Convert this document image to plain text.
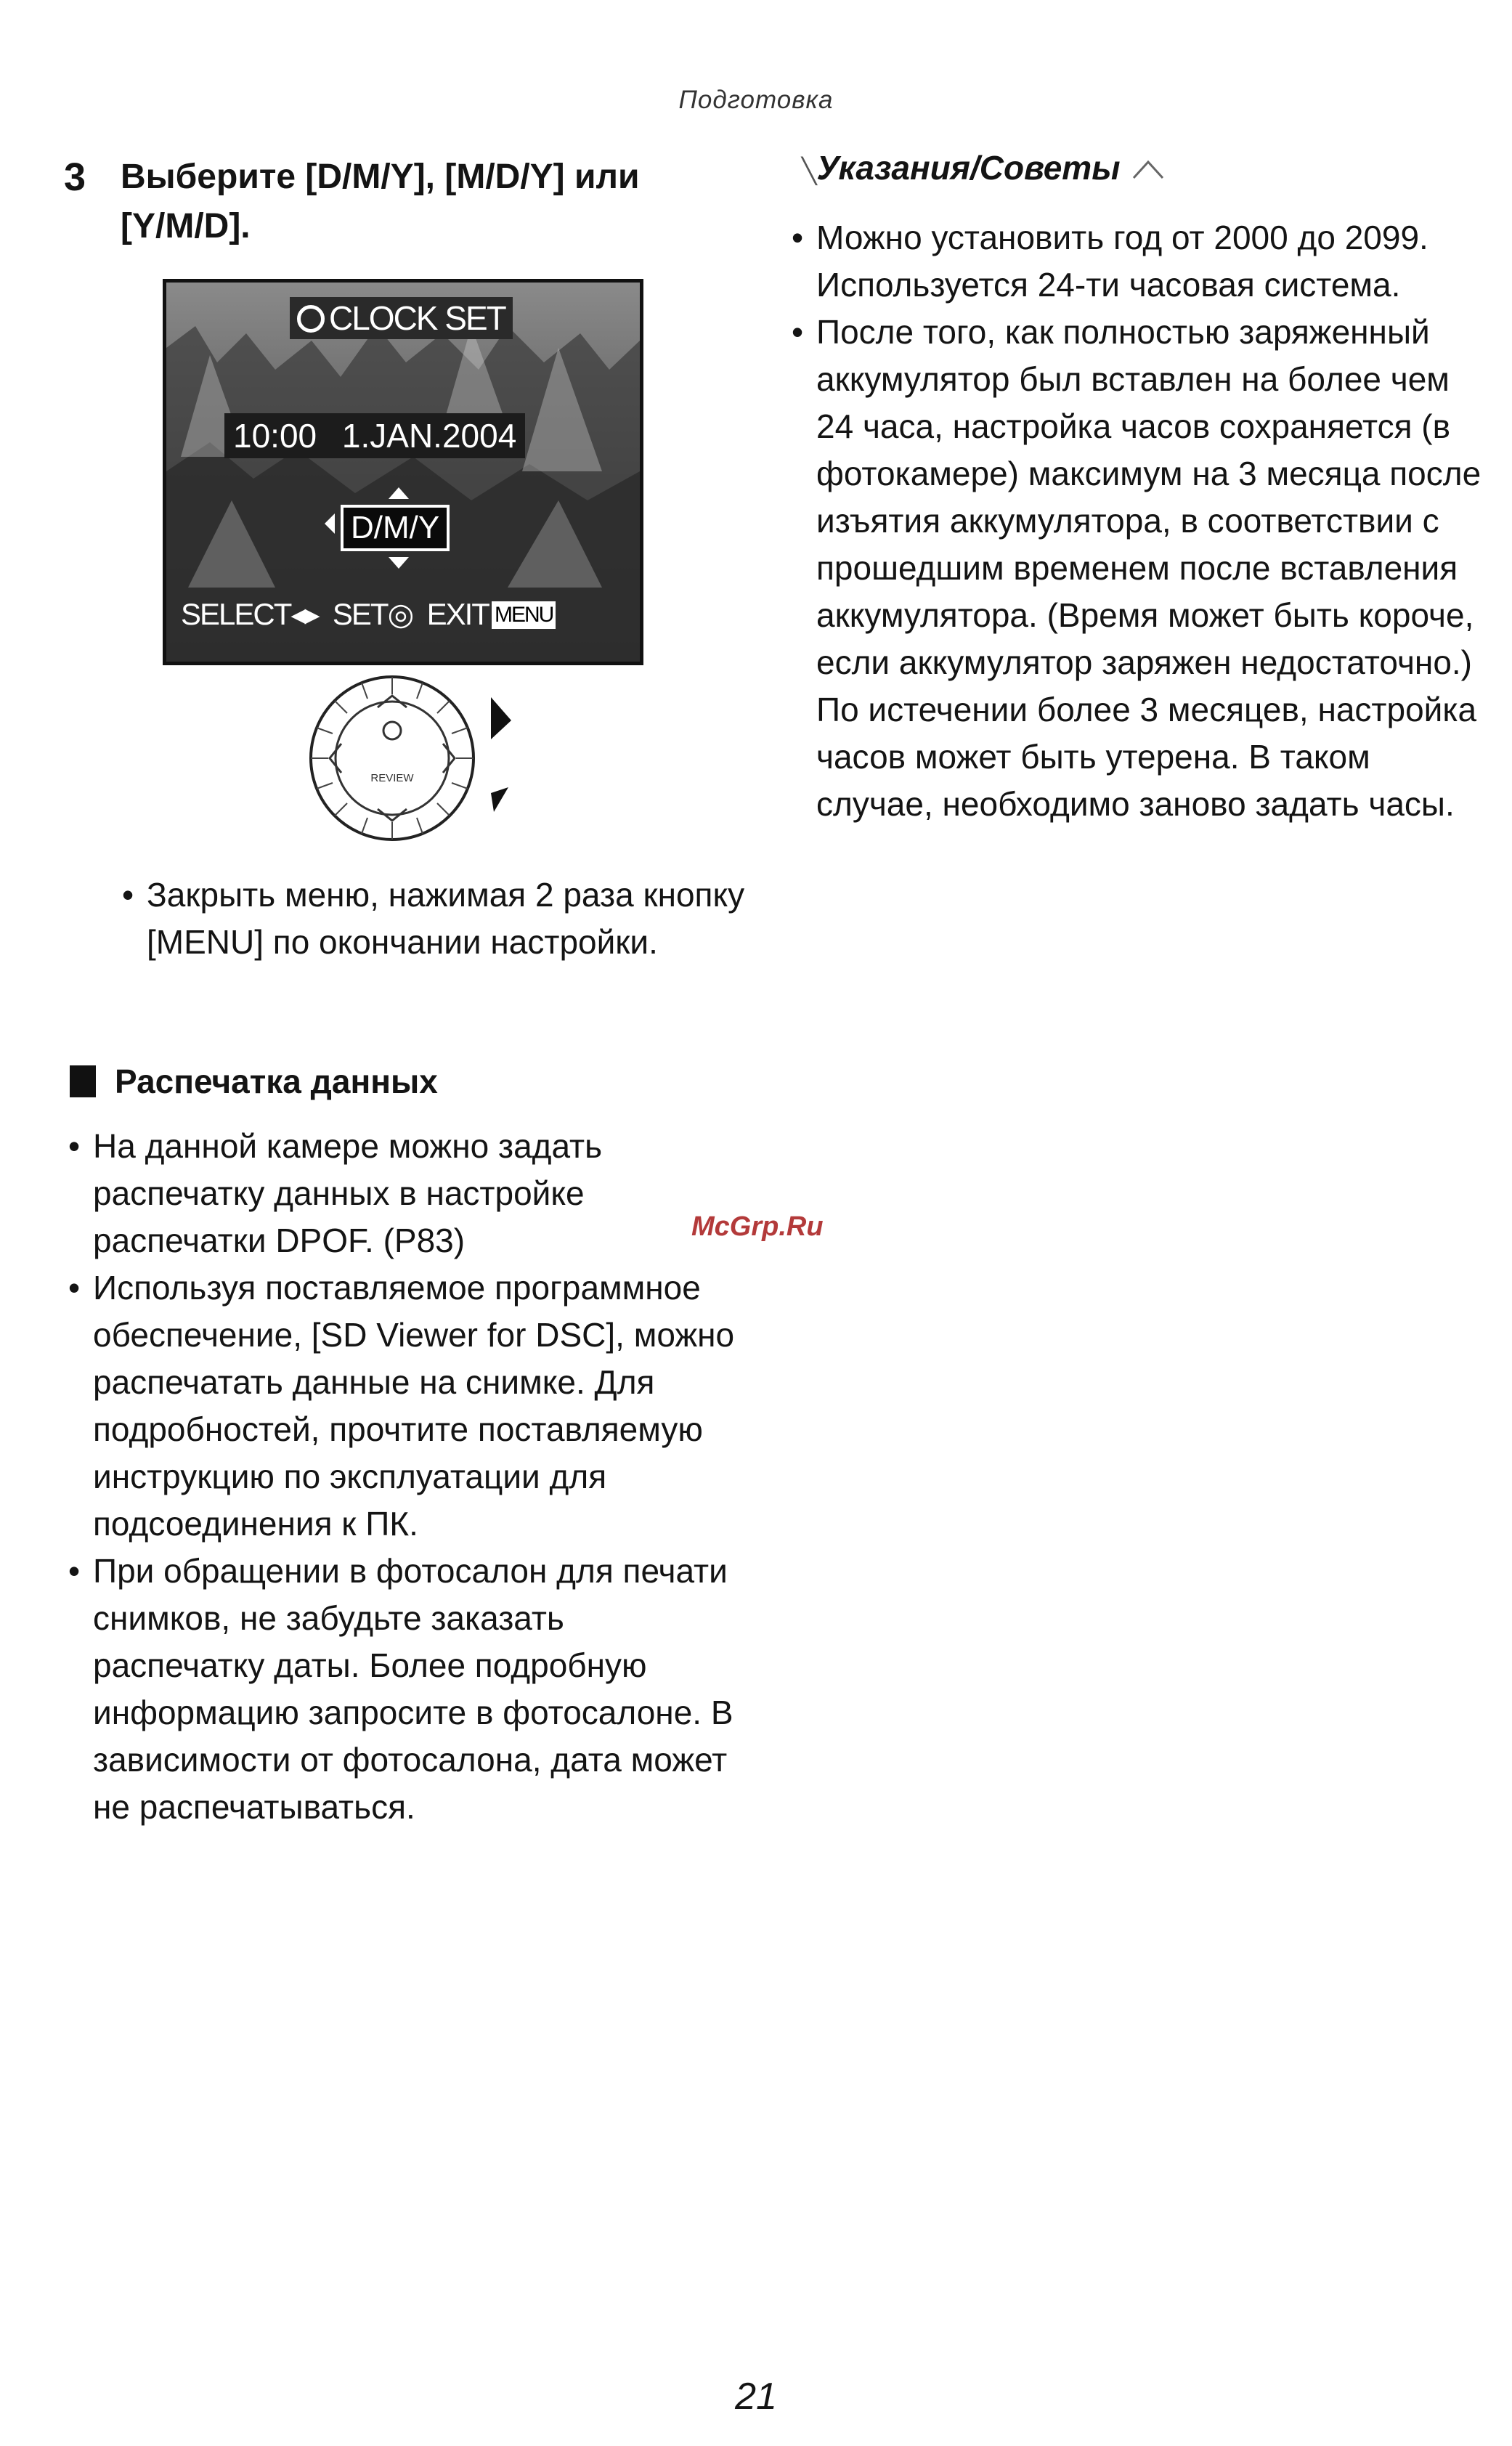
Подготовка
3 Выберите [D/M/Y], [M/D/Y] или [Y/M/D].
CLOCK SET
10:00 1.JAN.2004
D/M/Y
SELECT◂▸ SET◎ EXIT MENU
REVIEW
• Закрыть меню, нажимая 2 раза кнопку [MENU] по окончании настройки.
Распечатка данных
• На данной камере можно задать распечатку данных в настройке распечатки DPOF. (P83)
• Используя поставляемое программное обеспечение, [SD Viewer for DSC], можно распечатать данные на снимке. Для подробностей, прочтите поставляемую инструкцию по эксплуатации для подсоединения к ПК.
• При обращении в фотосалон для печати снимков, не забудьте заказать распечатку даты. Более подробную информацию запросите в фотосалоне. В зависимости от фотосалона, дата может не распечатываться.
McGrp.Ru
╲Указания/Советы
• Можно установить год от 2000 до 2099. Используется 24-ти часовая система.
• После того, как полностью заряженный аккумулятор был вставлен на более чем 24 часа, настройка часов сохраняется (в фотокамере) максимум на 3 месяца после изъятия аккумулятора, в соответствии с прошедшим временем после вставления аккумулятора. (Время может быть короче, если аккумулятор заряжен недостаточно.)
По истечении более 3 месяцев, настройка часов может быть утерена. В таком случае, необходимо заново задать часы.
21
